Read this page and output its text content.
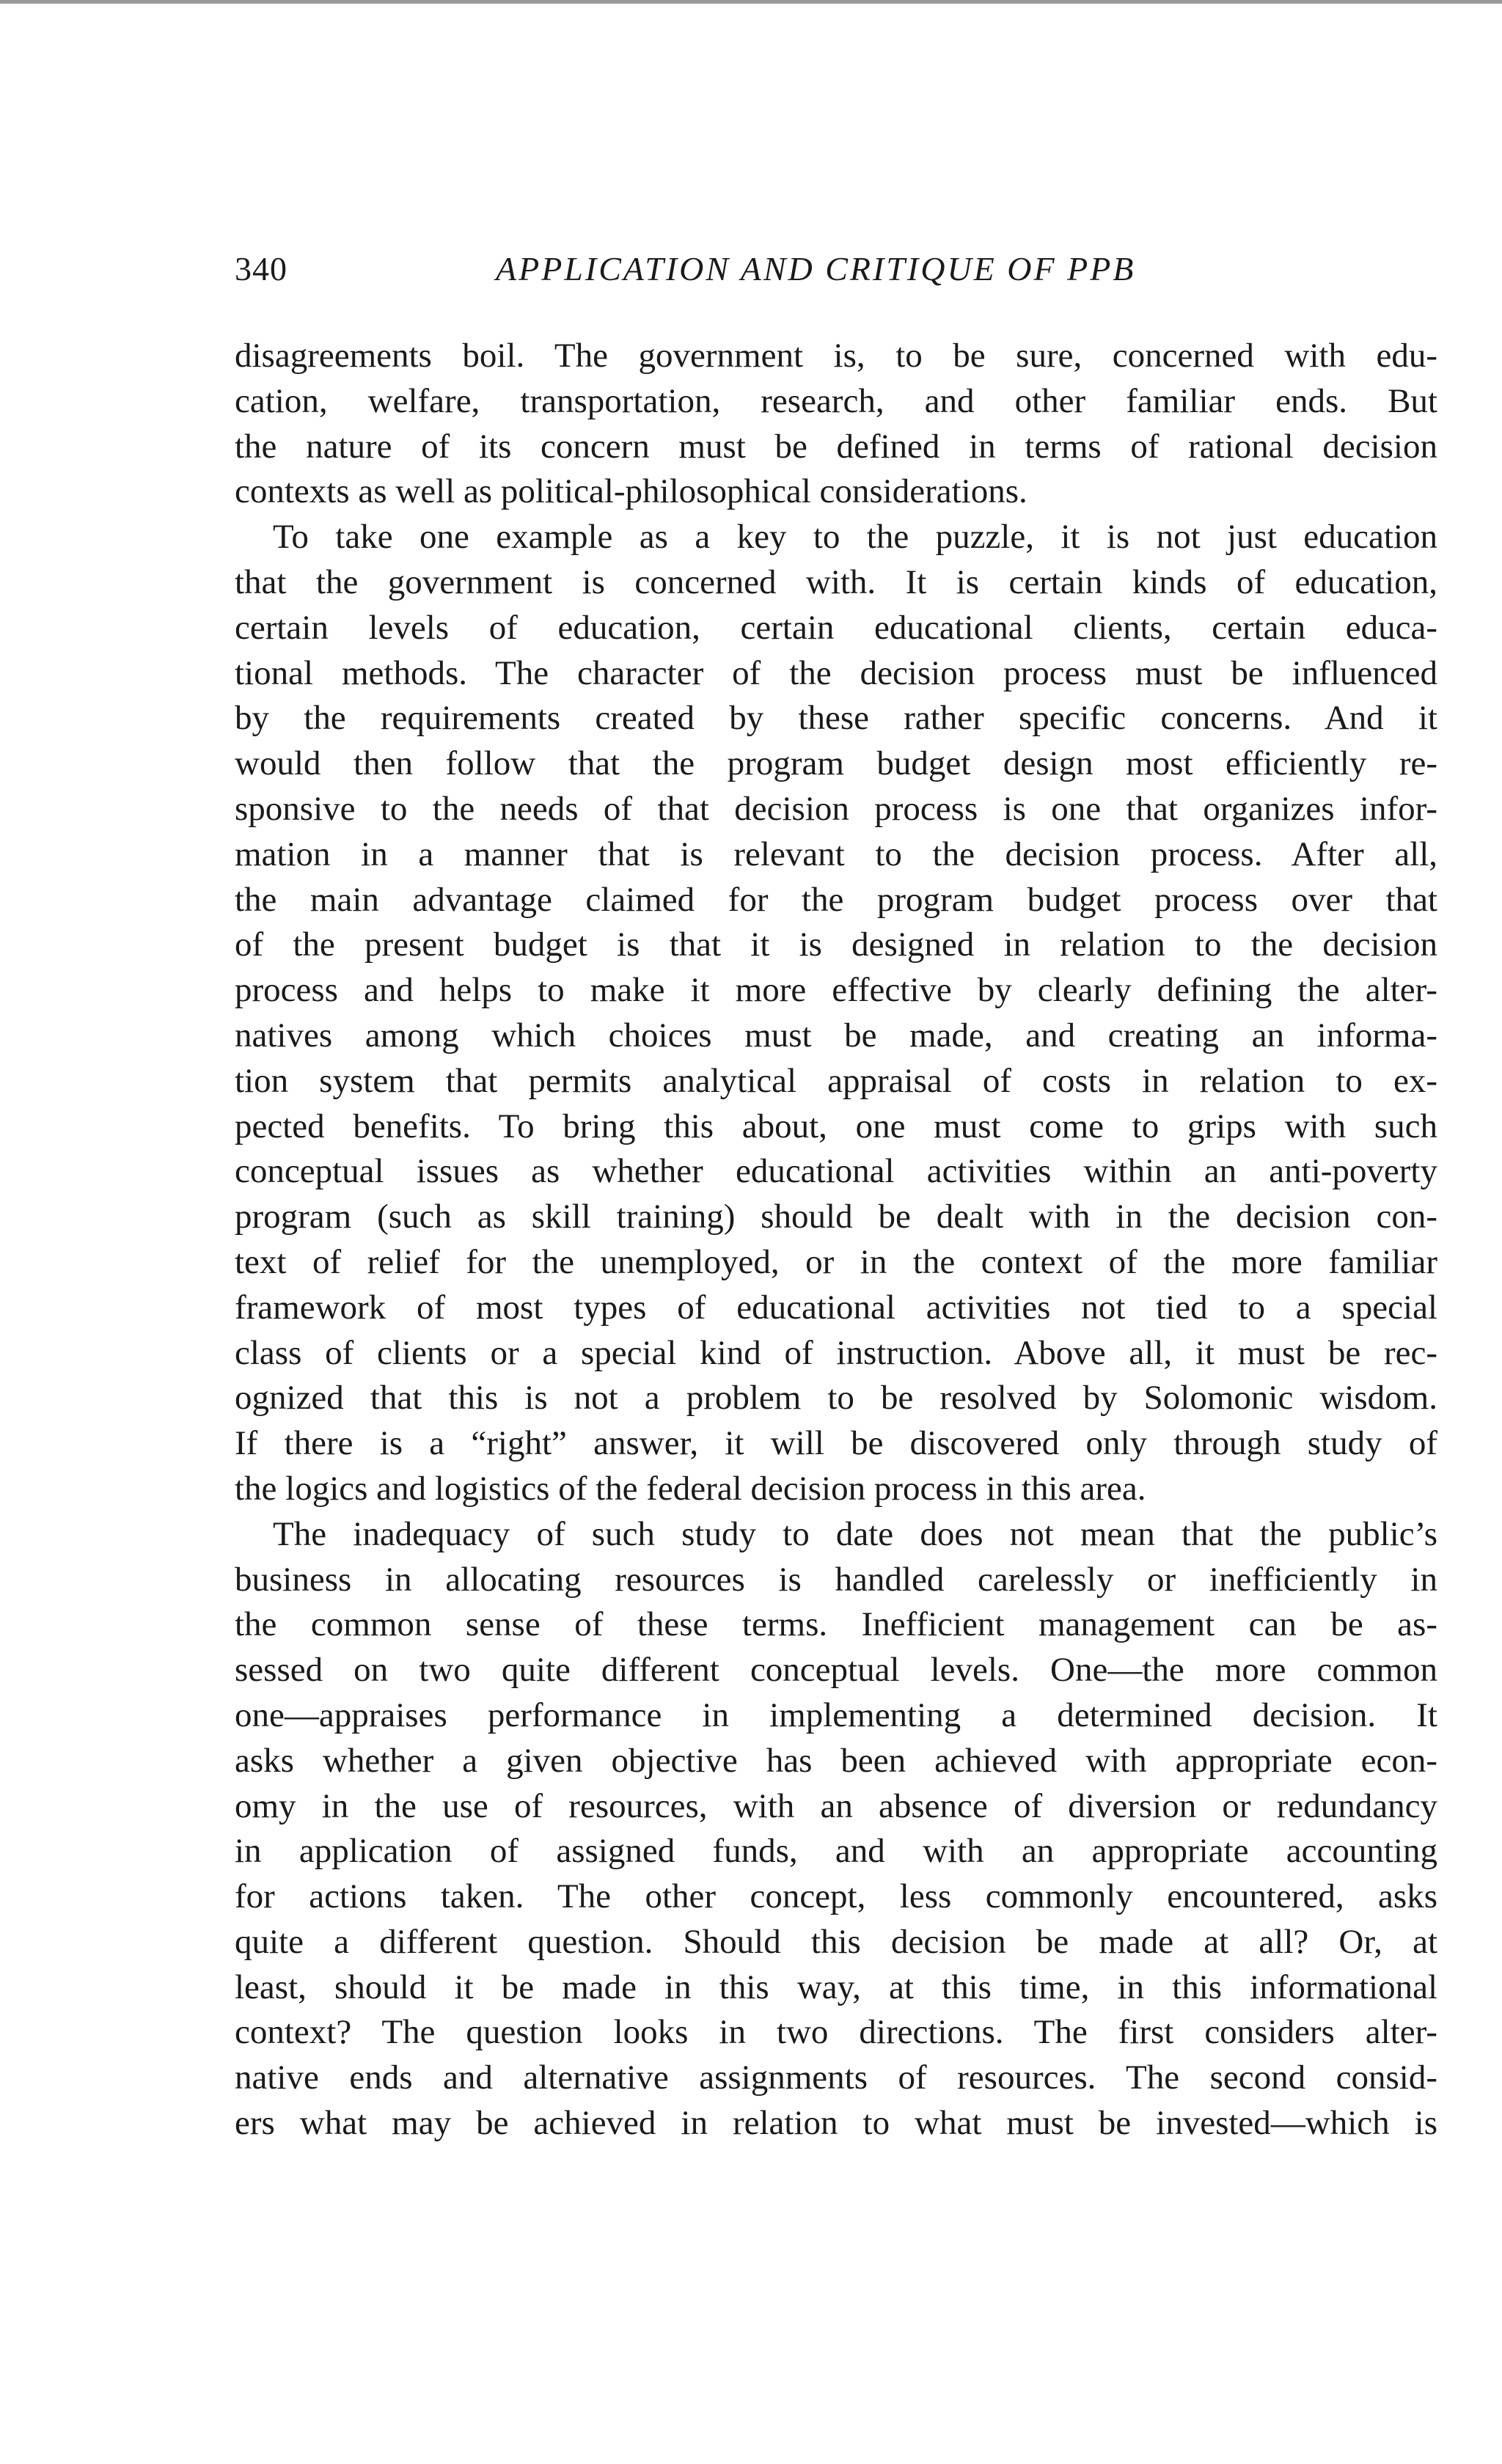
340	APPLICATION AND CRITIQUE OF PPB
disagreements boil. The government is, to be sure, concerned with edu-
cation, welfare, transportation, research, and other familiar ends. But
the nature of its concern must be defined in terms of rational decision
contexts as well as political-philosophical considerations.
To take one example as a key to the puzzle, it is not just education
that the government is concerned with. It is certain kinds of education,
certain levels of education, certain educational clients, certain educa-
tional methods. The character of the decision process must be influenced
by the requirements created by these rather specific concerns. And it
would then follow that the program budget design most efficiently re-
sponsive to the needs of that decision process is one that organizes infor-
mation in a manner that is relevant to the decision process. After all,
the main advantage claimed for the program budget process over that
of the present budget is that it is designed in relation to the decision
process and helps to make it more effective by clearly defining the alter-
natives among which choices must be made, and creating an informa-
tion system that permits analytical appraisal of costs in relation to ex-
pected benefits. To bring this about, one must come to grips with such
conceptual issues as whether educational activities within an anti-poverty
program (such as skill training) should be dealt with in the decision con-
text of relief for the unemployed, or in the context of the more familiar
framework of most types of educational activities not tied to a special
class of clients or a special kind of instruction. Above all, it must be rec-
ognized that this is not a problem to be resolved by Solomonic wisdom.
If there is a “right” answer, it will be discovered only through study of
the logics and logistics of the federal decision process in this area.
The inadequacy of such study to date does not mean that the public’s
business in allocating resources is handled carelessly or inefficiently in
the common sense of these terms. Inefficient management can be as-
sessed on two quite different conceptual levels. One—the more common
one—appraises performance in implementing a determined decision. It
asks whether a given objective has been achieved with appropriate econ-
omy in the use of resources, with an absence of diversion or redundancy
in application of assigned funds, and with an appropriate accounting
for actions taken. The other concept, less commonly encountered, asks
quite a different question. Should this decision be made at all? Or, at
least, should it be made in this way, at this time, in this informational
context? The question looks in two directions. The first considers alter-
native ends and alternative assignments of resources. The second consid-
ers what may be achieved in relation to what must be invested—which is
